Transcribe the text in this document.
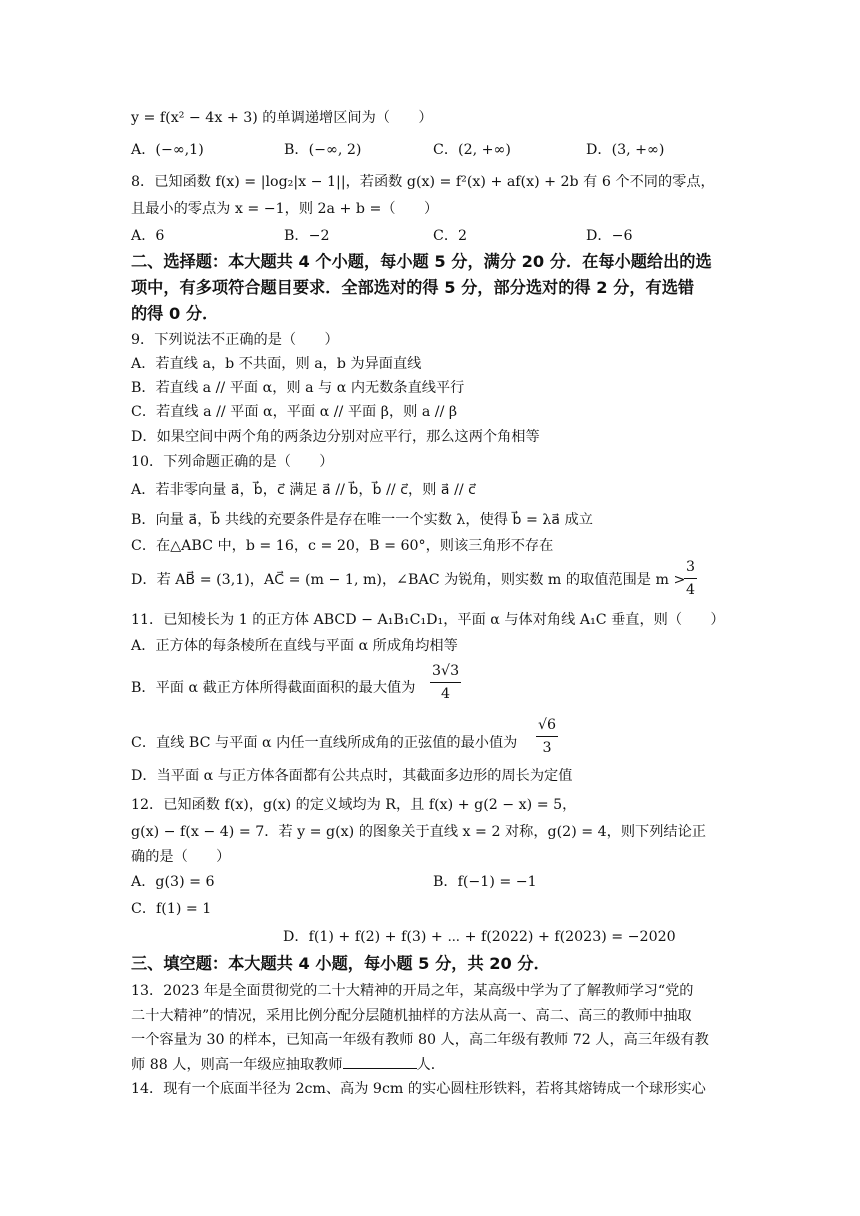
y = f(x² − 4x + 3) 的单调递增区间为（　　）
A．(−∞,1)	B．(−∞, 2)	C．(2, +∞)	D．(3, +∞)
8．已知函数 f(x) = |log₂|x − 1||，若函数 g(x) = f²(x) + af(x) + 2b 有 6 个不同的零点，
且最小的零点为 x = −1，则 2a + b =（　　）
A．6	B．−2	C．2	D．−6
二、选择题：本大题共 4 个小题，每小题 5 分，满分 20 分．在每小题给出的选
项中，有多项符合题目要求．全部选对的得 5 分，部分选对的得 2 分，有选错
的得 0 分．
9．下列说法不正确的是（　　）
A．若直线 a，b 不共面，则 a，b 为异面直线
B．若直线 a // 平面 α，则 a 与 α 内无数条直线平行
C．若直线 a // 平面 α，平面 α // 平面 β，则 a // β
D．如果空间中两个角的两条边分别对应平行，那么这两个角相等
10．下列命题正确的是（　　）
A．若非零向量 a⃗，b⃗，c⃗ 满足 a⃗ // b⃗，b⃗ // c⃗，则 a⃗ // c⃗
B．向量 a⃗，b⃗ 共线的充要条件是存在唯一一个实数 λ，使得 b⃗ = λa⃗ 成立
C．在△ABC 中，b = 16，c = 20，B = 60°，则该三角形不存在
D．若 AB⃗ = (3,1)，AC⃗ = (m − 1, m)，∠BAC 为锐角，则实数 m 的取值范围是 m >
$\frac{3}{4}$
11．已知棱长为 1 的正方体 ABCD − A₁B₁C₁D₁，平面 α 与体对角线 A₁C 垂直，则（　　）
A．正方体的每条棱所在直线与平面 α 所成角均相等
B．平面 α 截正方体所得截面面积的最大值为 $\frac{3√3}{4}$
C．直线 BC 与平面 α 内任一直线所成角的正弦值的最小值为 $\frac{√6}{3}$
D．当平面 α 与正方体各面都有公共点时，其截面多边形的周长为定值
12．已知函数 f(x)，g(x) 的定义域均为 R，且 f(x) + g(2 − x) = 5，
g(x) − f(x − 4) = 7．若 y = g(x) 的图象关于直线 x = 2 对称，g(2) = 4，则下列结论正
确的是（　　）
A．g(3) = 6	B．f(−1) = −1
C．f(1) = 1
D．f(1) + f(2) + f(3) + ⋯ + f(2022) + f(2023) = −2020
三、填空题：本大题共 4 小题，每小题 5 分，共 20 分．
13．2023 年是全面贯彻党的二十大精神的开局之年，某高级中学为了了解教师学习“党的
二十大精神”的情况，采用比例分配分层随机抽样的方法从高一、高二、高三的教师中抽取
一个容量为 30 的样本，已知高一年级有教师 80 人，高二年级有教师 72 人，高三年级有教
师 88 人，则高一年级应抽取教师	人．
14．现有一个底面半径为 2cm、高为 9cm 的实心圆柱形铁料，若将其熔铸成一个球形实心
